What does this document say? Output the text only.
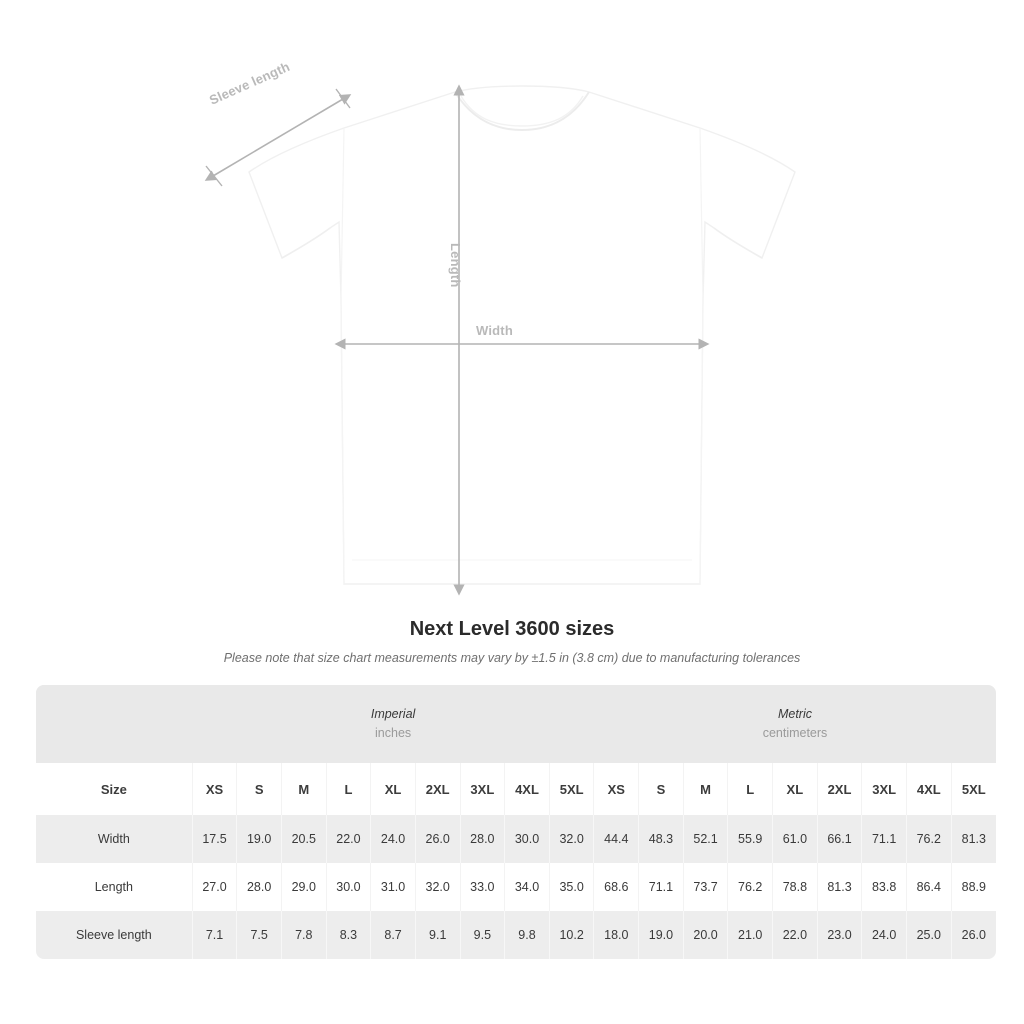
Sleeve length
Length
Width
Next Level 3600 sizes
Please note that size chart measurements may vary by ±1.5 in (3.8 cm) due to manufacturing tolerances
	Imperial
inches									Metric
centimeters								

Size	XS	S	M	L	XL	2XL	3XL	4XL	5XL	XS	S	M	L	XL	2XL	3XL	4XL	5XL
Width	17.5	19.0	20.5	22.0	24.0	26.0	28.0	30.0	32.0	44.4	48.3	52.1	55.9	61.0	66.1	71.1	76.2	81.3
Length	27.0	28.0	29.0	30.0	31.0	32.0	33.0	34.0	35.0	68.6	71.1	73.7	76.2	78.8	81.3	83.8	86.4	88.9
Sleeve length	7.1	7.5	7.8	8.3	8.7	9.1	9.5	9.8	10.2	18.0	19.0	20.0	21.0	22.0	23.0	24.0	25.0	26.0
